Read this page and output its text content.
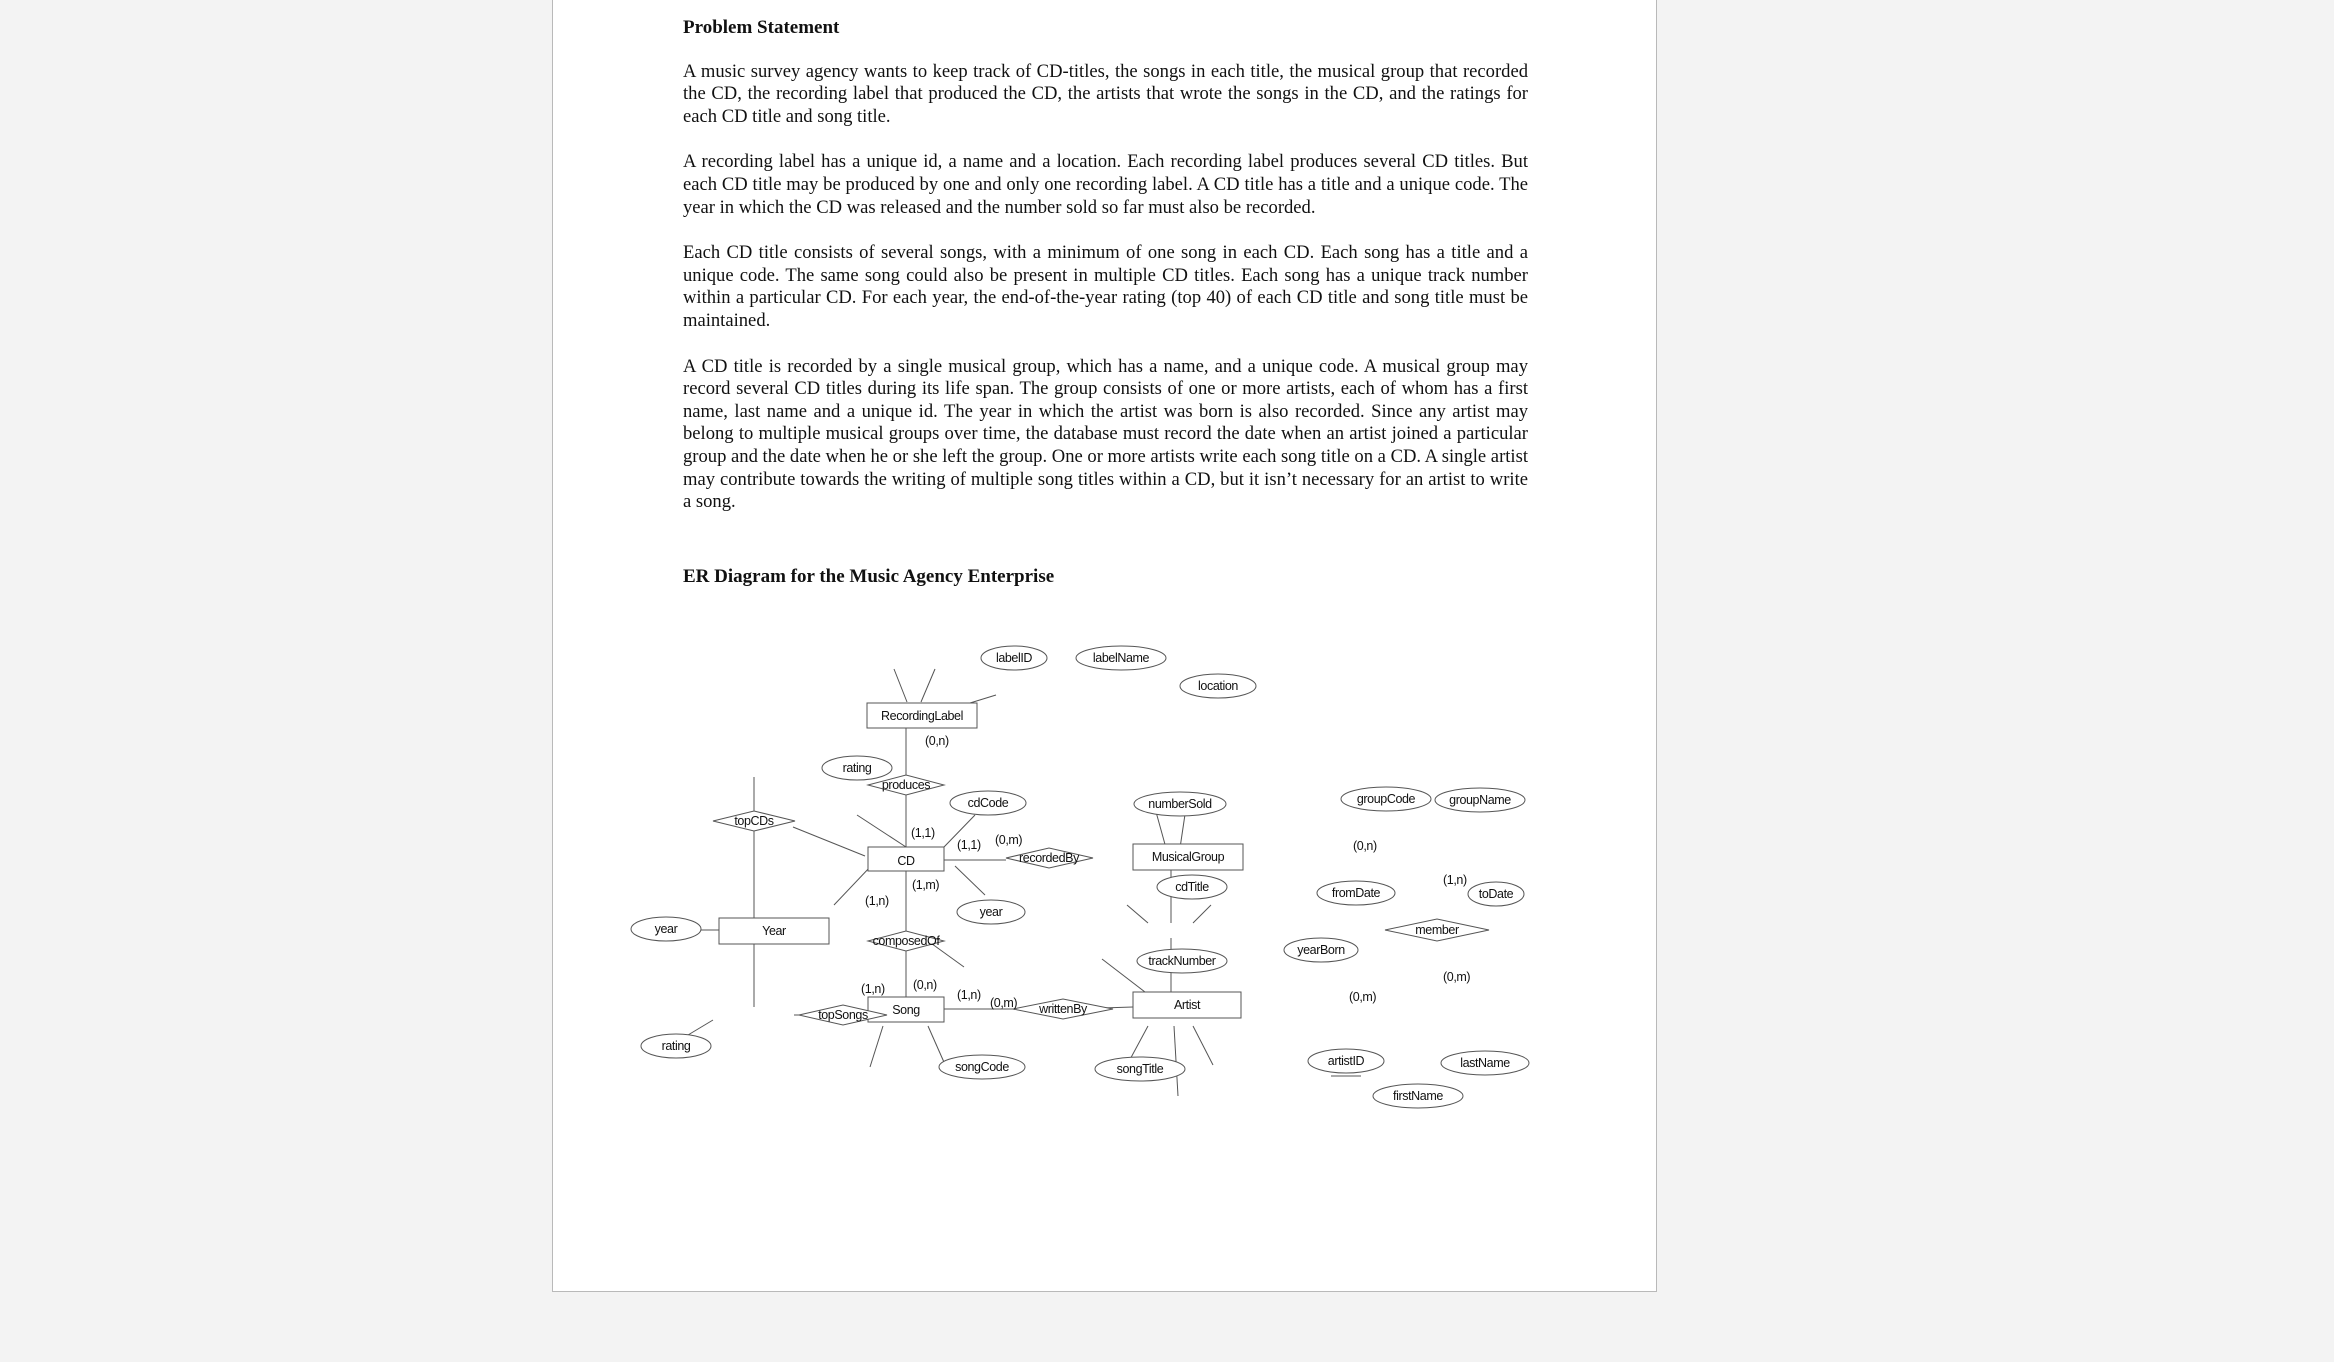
Problem Statement

A music survey agency wants to keep track of CD-titles, the songs in each title, the musical group that recorded the CD, the recording label that produced the CD, the artists that wrote the songs in the CD, and the ratings for each CD title and song title.

A recording label has a unique id, a name and a location. Each recording label produces several CD titles. But each CD title may be produced by one and only one recording label. A CD title has a title and a unique code. The year in which the CD was released and the number sold so far must also be recorded.

Each CD title consists of several songs, with a minimum of one song in each CD. Each song has a title and a unique code. The same song could also be present in multiple CD titles. Each song has a unique track number within a particular CD. For each year, the end-of-the-year rating (top 40) of each CD title and song title must be maintained.

A CD title is recorded by a single musical group, which has a name, and a unique code. A musical group may record several CD titles during its life span. The group consists of one or more artists, each of whom has a first name, last name and a unique id. The year in which the artist was born is also recorded. Since any artist may belong to multiple musical groups over time, the database must record the date when an artist joined a particular group and the date when he or she left the group. One or more artists write each song title on a CD. A single artist may contribute towards the writing of multiple song titles within a CD, but it isn’t necessary for an artist to write a song.

ER Diagram for the Music Agency Enterprise
RecordingLabel
CD	MusicalGroup
Year
Song	Artist
produces
topCDs
recordedBy
member
composedOf
topSongs	writtenBy
labelID	labelName
location
rating
cdCode	numberSold	groupCode	groupName
cdTitle	fromDate	toDate
year
year
yearBorn
trackNumber
rating
songCode	songTitle
artistID	lastName
firstName
(0,n)
(1,1)	(0,m)
(1,1)	(0,n)
(1,n)
(1,m)
(1,n)
(1,n) (0,n)
(0,m)
(1,n)	(0,m)
(0,m)
